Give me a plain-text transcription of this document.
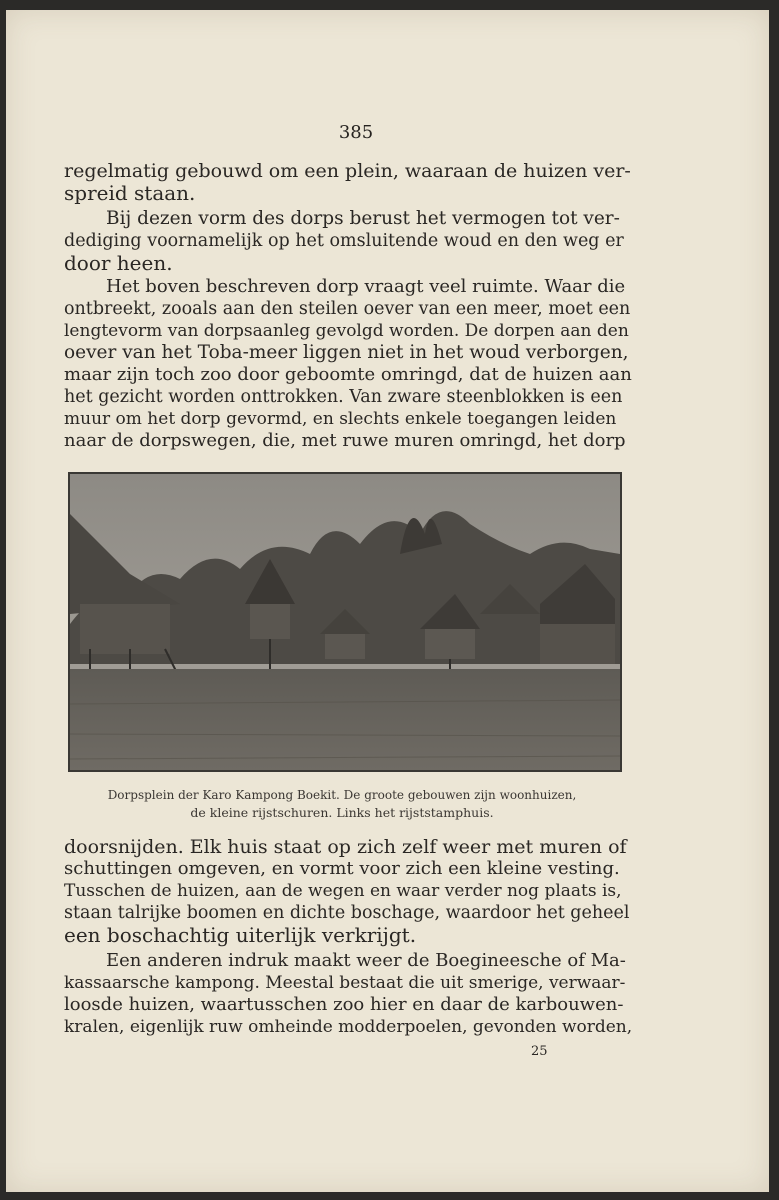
385
regelmatig gebouwd om een plein, waaraan de huizen ver-
spreid staan.
Bij dezen vorm des dorps berust het vermogen tot ver-
dediging voornamelijk op het omsluitende woud en den weg er
door heen.
Het boven beschreven dorp vraagt veel ruimte. Waar die
ontbreekt, zooals aan den steilen oever van een meer, moet een
lengtevorm van dorpsaanleg gevolgd worden. De dorpen aan den
oever van het Toba-meer liggen niet in het woud verborgen,
maar zijn toch zoo door geboomte omringd, dat de huizen aan
het gezicht worden onttrokken. Van zware steenblokken is een
muur om het dorp gevormd, en slechts enkele toegangen leiden
naar de dorpswegen, die, met ruwe muren omringd, het dorp
Dorpsplein der Karo Kampong Boekit. De groote gebouwen zijn woonhuizen,
de kleine rijstschuren. Links het rijststamphuis.
doorsnijden. Elk huis staat op zich zelf weer met muren of
schuttingen omgeven, en vormt voor zich een kleine vesting.
Tusschen de huizen, aan de wegen en waar verder nog plaats is,
staan talrijke boomen en dichte boschage, waardoor het geheel
een boschachtig uiterlijk verkrijgt.
Een anderen indruk maakt weer de Boegineesche of Ma-
kassaarsche kampong. Meestal bestaat die uit smerige, verwaar-
loosde huizen, waartusschen zoo hier en daar de karbouwen-
kralen, eigenlijk ruw omheinde modderpoelen, gevonden worden,
25
